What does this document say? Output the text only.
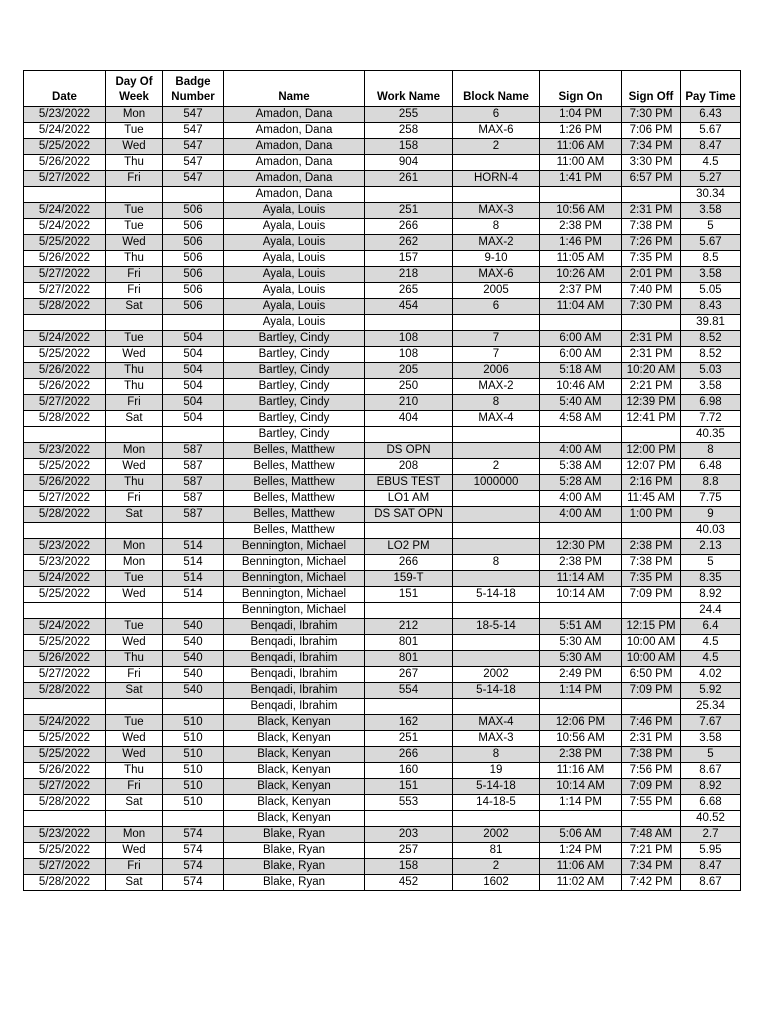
Date	Day Of Week	Badge Number	Name	Work Name	Block Name	Sign On	Sign Off	Pay Time
5/23/2022	Mon	547	Amadon, Dana	255	6	1:04 PM	7:30 PM	6.43
5/24/2022	Tue	547	Amadon, Dana	258	MAX-6	1:26 PM	7:06 PM	5.67
5/25/2022	Wed	547	Amadon, Dana	158	2	11:06 AM	7:34 PM	8.47
5/26/2022	Thu	547	Amadon, Dana	904		11:00 AM	3:30 PM	4.5
5/27/2022	Fri	547	Amadon, Dana	261	HORN-4	1:41 PM	6:57 PM	5.27
			Amadon, Dana					30.34
5/24/2022	Tue	506	Ayala, Louis	251	MAX-3	10:56 AM	2:31 PM	3.58
5/24/2022	Tue	506	Ayala, Louis	266	8	2:38 PM	7:38 PM	5
5/25/2022	Wed	506	Ayala, Louis	262	MAX-2	1:46 PM	7:26 PM	5.67
5/26/2022	Thu	506	Ayala, Louis	157	9-10	11:05 AM	7:35 PM	8.5
5/27/2022	Fri	506	Ayala, Louis	218	MAX-6	10:26 AM	2:01 PM	3.58
5/27/2022	Fri	506	Ayala, Louis	265	2005	2:37 PM	7:40 PM	5.05
5/28/2022	Sat	506	Ayala, Louis	454	6	11:04 AM	7:30 PM	8.43
			Ayala, Louis					39.81
5/24/2022	Tue	504	Bartley, Cindy	108	7	6:00 AM	2:31 PM	8.52
5/25/2022	Wed	504	Bartley, Cindy	108	7	6:00 AM	2:31 PM	8.52
5/26/2022	Thu	504	Bartley, Cindy	205	2006	5:18 AM	10:20 AM	5.03
5/26/2022	Thu	504	Bartley, Cindy	250	MAX-2	10:46 AM	2:21 PM	3.58
5/27/2022	Fri	504	Bartley, Cindy	210	8	5:40 AM	12:39 PM	6.98
5/28/2022	Sat	504	Bartley, Cindy	404	MAX-4	4:58 AM	12:41 PM	7.72
			Bartley, Cindy					40.35
5/23/2022	Mon	587	Belles, Matthew	DS OPN		4:00 AM	12:00 PM	8
5/25/2022	Wed	587	Belles, Matthew	208	2	5:38 AM	12:07 PM	6.48
5/26/2022	Thu	587	Belles, Matthew	EBUS TEST	1000000	5:28 AM	2:16 PM	8.8
5/27/2022	Fri	587	Belles, Matthew	LO1 AM		4:00 AM	11:45 AM	7.75
5/28/2022	Sat	587	Belles, Matthew	DS SAT OPN		4:00 AM	1:00 PM	9
			Belles, Matthew					40.03
5/23/2022	Mon	514	Bennington, Michael	LO2 PM		12:30 PM	2:38 PM	2.13
5/23/2022	Mon	514	Bennington, Michael	266	8	2:38 PM	7:38 PM	5
5/24/2022	Tue	514	Bennington, Michael	159-T		11:14 AM	7:35 PM	8.35
5/25/2022	Wed	514	Bennington, Michael	151	5-14-18	10:14 AM	7:09 PM	8.92
			Bennington, Michael					24.4
5/24/2022	Tue	540	Benqadi, Ibrahim	212	18-5-14	5:51 AM	12:15 PM	6.4
5/25/2022	Wed	540	Benqadi, Ibrahim	801		5:30 AM	10:00 AM	4.5
5/26/2022	Thu	540	Benqadi, Ibrahim	801		5:30 AM	10:00 AM	4.5
5/27/2022	Fri	540	Benqadi, Ibrahim	267	2002	2:49 PM	6:50 PM	4.02
5/28/2022	Sat	540	Benqadi, Ibrahim	554	5-14-18	1:14 PM	7:09 PM	5.92
			Benqadi, Ibrahim					25.34
5/24/2022	Tue	510	Black, Kenyan	162	MAX-4	12:06 PM	7:46 PM	7.67
5/25/2022	Wed	510	Black, Kenyan	251	MAX-3	10:56 AM	2:31 PM	3.58
5/25/2022	Wed	510	Black, Kenyan	266	8	2:38 PM	7:38 PM	5
5/26/2022	Thu	510	Black, Kenyan	160	19	11:16 AM	7:56 PM	8.67
5/27/2022	Fri	510	Black, Kenyan	151	5-14-18	10:14 AM	7:09 PM	8.92
5/28/2022	Sat	510	Black, Kenyan	553	14-18-5	1:14 PM	7:55 PM	6.68
			Black, Kenyan					40.52
5/23/2022	Mon	574	Blake, Ryan	203	2002	5:06 AM	7:48 AM	2.7
5/25/2022	Wed	574	Blake, Ryan	257	81	1:24 PM	7:21 PM	5.95
5/27/2022	Fri	574	Blake, Ryan	158	2	11:06 AM	7:34 PM	8.47
5/28/2022	Sat	574	Blake, Ryan	452	1602	11:02 AM	7:42 PM	8.67
